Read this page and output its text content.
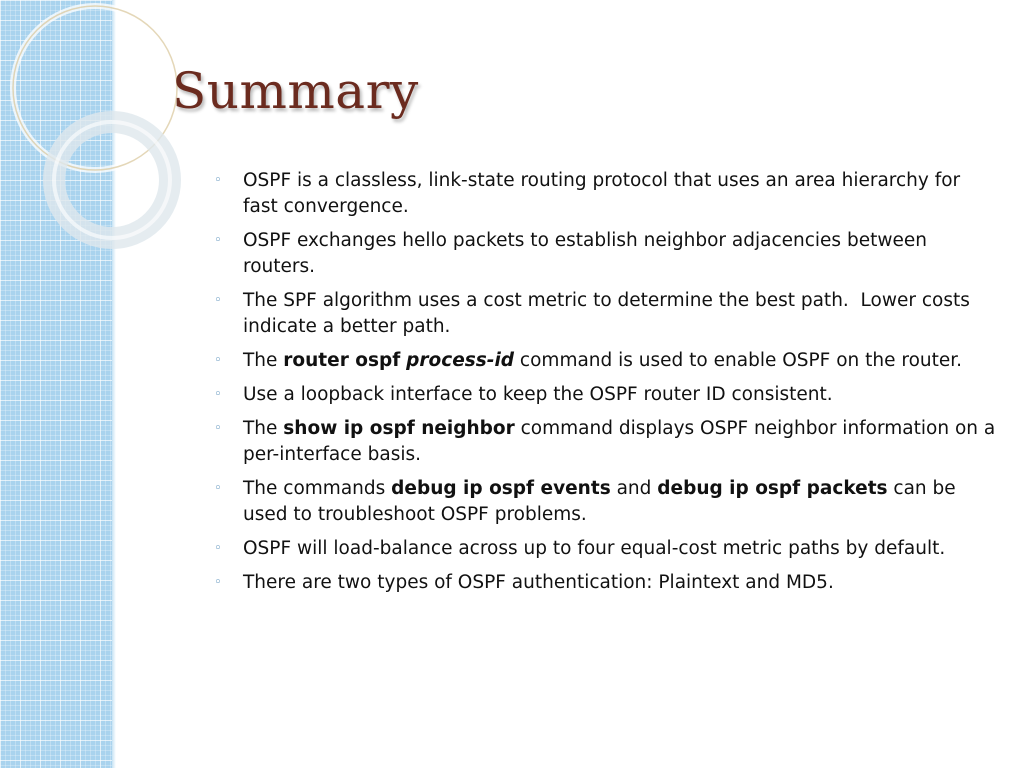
Summary
◦ OSPF is a classless, link-state routing protocol that uses an area hierarchy for fast convergence.
◦ OSPF exchanges hello packets to establish neighbor adjacencies between routers.
◦ The SPF algorithm uses a cost metric to determine the best path.  Lower costs indicate a better path.
◦ The router ospf process-id command is used to enable OSPF on the router.
◦ Use a loopback interface to keep the OSPF router ID consistent.
◦ The show ip ospf neighbor command displays OSPF neighbor information on a per-interface basis.
◦ The commands debug ip ospf events and debug ip ospf packets can be used to troubleshoot OSPF problems.
◦ OSPF will load-balance across up to four equal-cost metric paths by default.
◦ There are two types of OSPF authentication: Plaintext and MD5.
